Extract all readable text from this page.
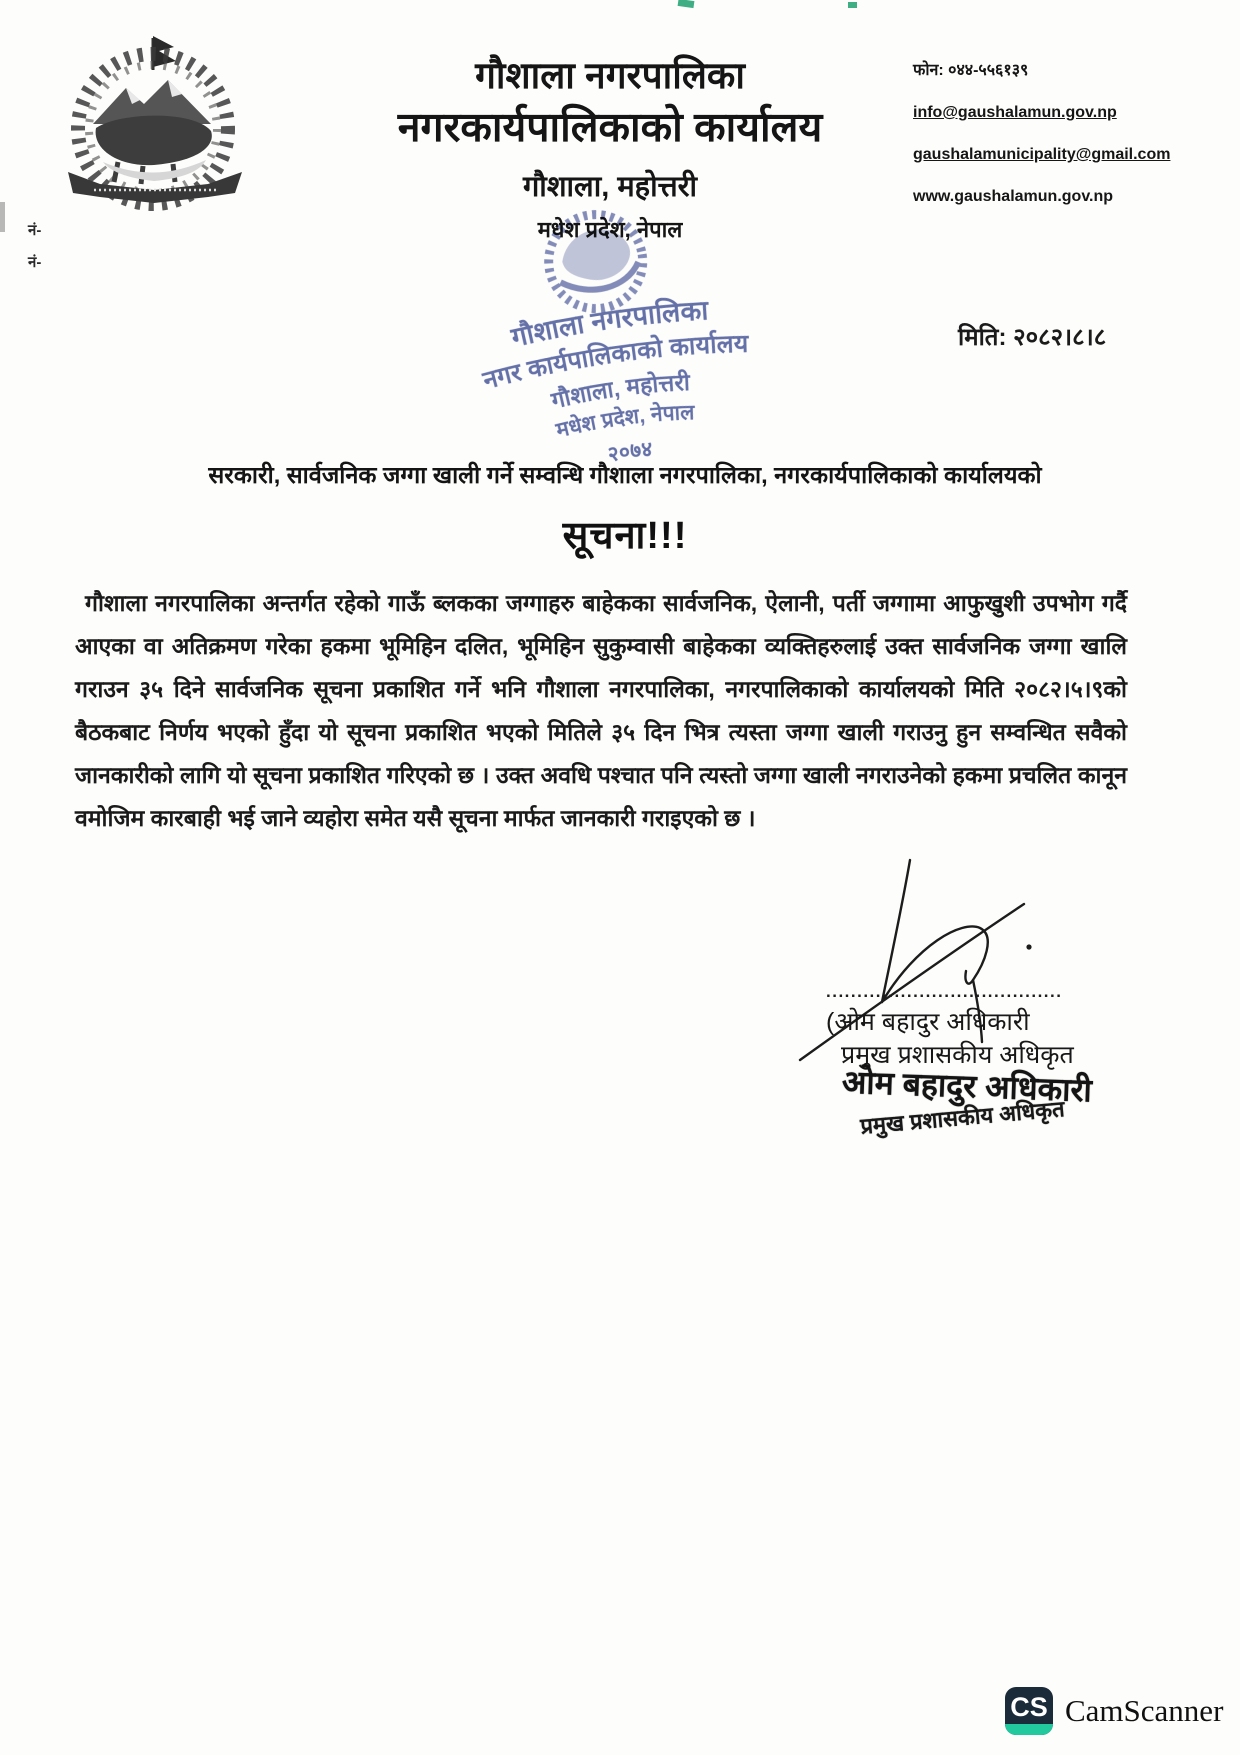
गौशाला नगरपालिका
नगरकार्यपालिकाको कार्यालय
गौशाला, महोत्तरी
मधेश प्रदेश, नेपाल
फोन: ०४४-५५६१३९
info@gaushalamun.gov.np
gaushalamunicipality@gmail.com
www.gaushalamun.gov.np
नं-
नं-
मिति: २०८२।८।८
गौशाला नगरपालिका
नगर कार्यपालिकाको कार्यालय
गौशाला, महोत्तरी
मधेश प्रदेश, नेपाल
२०७४
सरकारी, सार्वजनिक जग्गा खाली गर्ने सम्वन्धि गौशाला नगरपालिका, नगरकार्यपालिकाको कार्यालयको
सूचना!!!
गौशाला नगरपालिका अन्तर्गत रहेको गाऊँ ब्लकका जग्गाहरु बाहेकका सार्वजनिक, ऐलानी, पर्ती जग्गामा आफुखुशी उपभोग गर्दै आएका वा अतिक्रमण गरेका हकमा भूमिहिन दलित, भूमिहिन सुकुम्वासी बाहेकका व्यक्तिहरुलाई उक्त सार्वजनिक जग्गा खालि गराउन ३५ दिने सार्वजनिक सूचना प्रकाशित गर्ने भनि गौशाला नगरपालिका, नगरपालिकाको कार्यालयको मिति २०८२।५।९को बैठकबाट निर्णय भएको हुँदा यो सूचना प्रकाशित भएको मितिले ३५ दिन भित्र त्यस्ता जग्गा खाली गराउनु हुन सम्वन्धित सवैको जानकारीको लागि यो सूचना प्रकाशित गरिएको छ । उक्त अवधि पश्चात पनि त्यस्तो जग्गा खाली नगराउनेको हकमा प्रचलित कानून वमोजिम कारबाही भई जाने व्यहोरा समेत यसै सूचना मार्फत जानकारी गराइएको छ ।
......................................
(ओम बहादुर अधिकारी
प्रमुख प्रशासकीय अधिकृत
ओम बहादुर अधिकारी
प्रमुख प्रशासकीय अधिकृत
CS CamScanner
